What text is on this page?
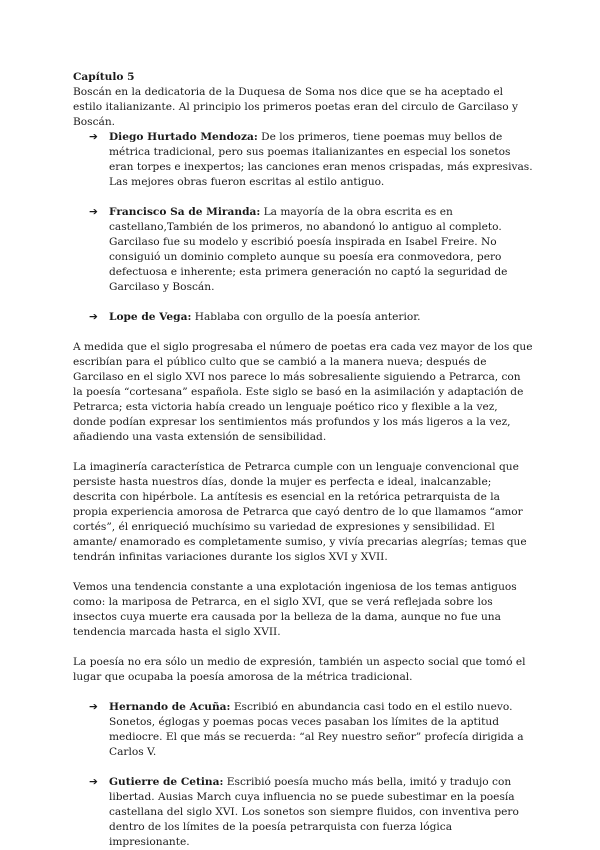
Capítulo 5

Boscán en la dedicatoria de la Duquesa de Soma nos dice que se ha aceptado el estilo italianizante. Al principio los primeros poetas eran del circulo de Garcilaso y Boscán.

➔ Diego Hurtado Mendoza: De los primeros, tiene poemas muy bellos de métrica tradicional, pero sus poemas italianizantes en especial los sonetos eran torpes e inexpertos; las canciones eran menos crispadas, más expresivas. Las mejores obras fueron escritas al estilo antiguo.
➔ Francisco Sa de Miranda: La mayoría de la obra escrita es en castellano,También de los primeros, no abandonó lo antiguo al completo. Garcilaso fue su modelo y escribió poesía inspirada en Isabel Freire. No consiguió un dominio completo aunque su poesía era conmovedora, pero defectuosa e inherente; esta primera generación no captó la seguridad de Garcilaso y Boscán.
➔ Lope de Vega: Hablaba con orgullo de la poesía anterior.

A medida que el siglo progresaba el número de poetas era cada vez mayor de los que escribían para el público culto que se cambió a la manera nueva; después de Garcilaso en el siglo XVI nos parece lo más sobresaliente siguiendo a Petrarca, con la poesía “cortesana” española. Este siglo se basó en la asimilación y adaptación de Petrarca; esta victoria había creado un lenguaje poético rico y flexible a la vez, donde podían expresar los sentimientos más profundos y los más ligeros a la vez, añadiendo una vasta extensión de sensibilidad.

La imaginería característica de Petrarca cumple con un lenguaje convencional que persiste hasta nuestros días, donde la mujer es perfecta e ideal, inalcanzable; descrita con hipérbole. La antítesis es esencial en la retórica petrarquista de la propia experiencia amorosa de Petrarca que cayó dentro de lo que llamamos “amor cortés”, él enriqueció muchísimo su variedad de expresiones y sensibilidad. El amante/ enamorado es completamente sumiso, y vivía precarias alegrías; temas que tendrán infinitas variaciones durante los siglos XVI y XVII.

Vemos una tendencia constante a una explotación ingeniosa de los temas antiguos como: la mariposa de Petrarca, en el siglo XVI, que se verá reflejada sobre los insectos cuya muerte era causada por la belleza de la dama, aunque no fue una tendencia marcada hasta el siglo XVII.

La poesía no era sólo un medio de expresión, también un aspecto social que tomó el lugar que ocupaba la poesía amorosa de la métrica tradicional.

➔ Hernando de Acuña: Escribió en abundancia casi todo en el estilo nuevo. Sonetos, églogas y poemas pocas veces pasaban los límites de la aptitud mediocre. El que más se recuerda: “al Rey nuestro señor” profecía dirigida a Carlos V.
➔ Gutierre de Cetina: Escribió poesía mucho más bella, imitó y tradujo con libertad. Ausias March cuya influencia no se puede subestimar en la poesía castellana del siglo XVI. Los sonetos son siempre fluidos, con inventiva pero dentro de los límites de la poesía petrarquista con fuerza lógica impresionante.
